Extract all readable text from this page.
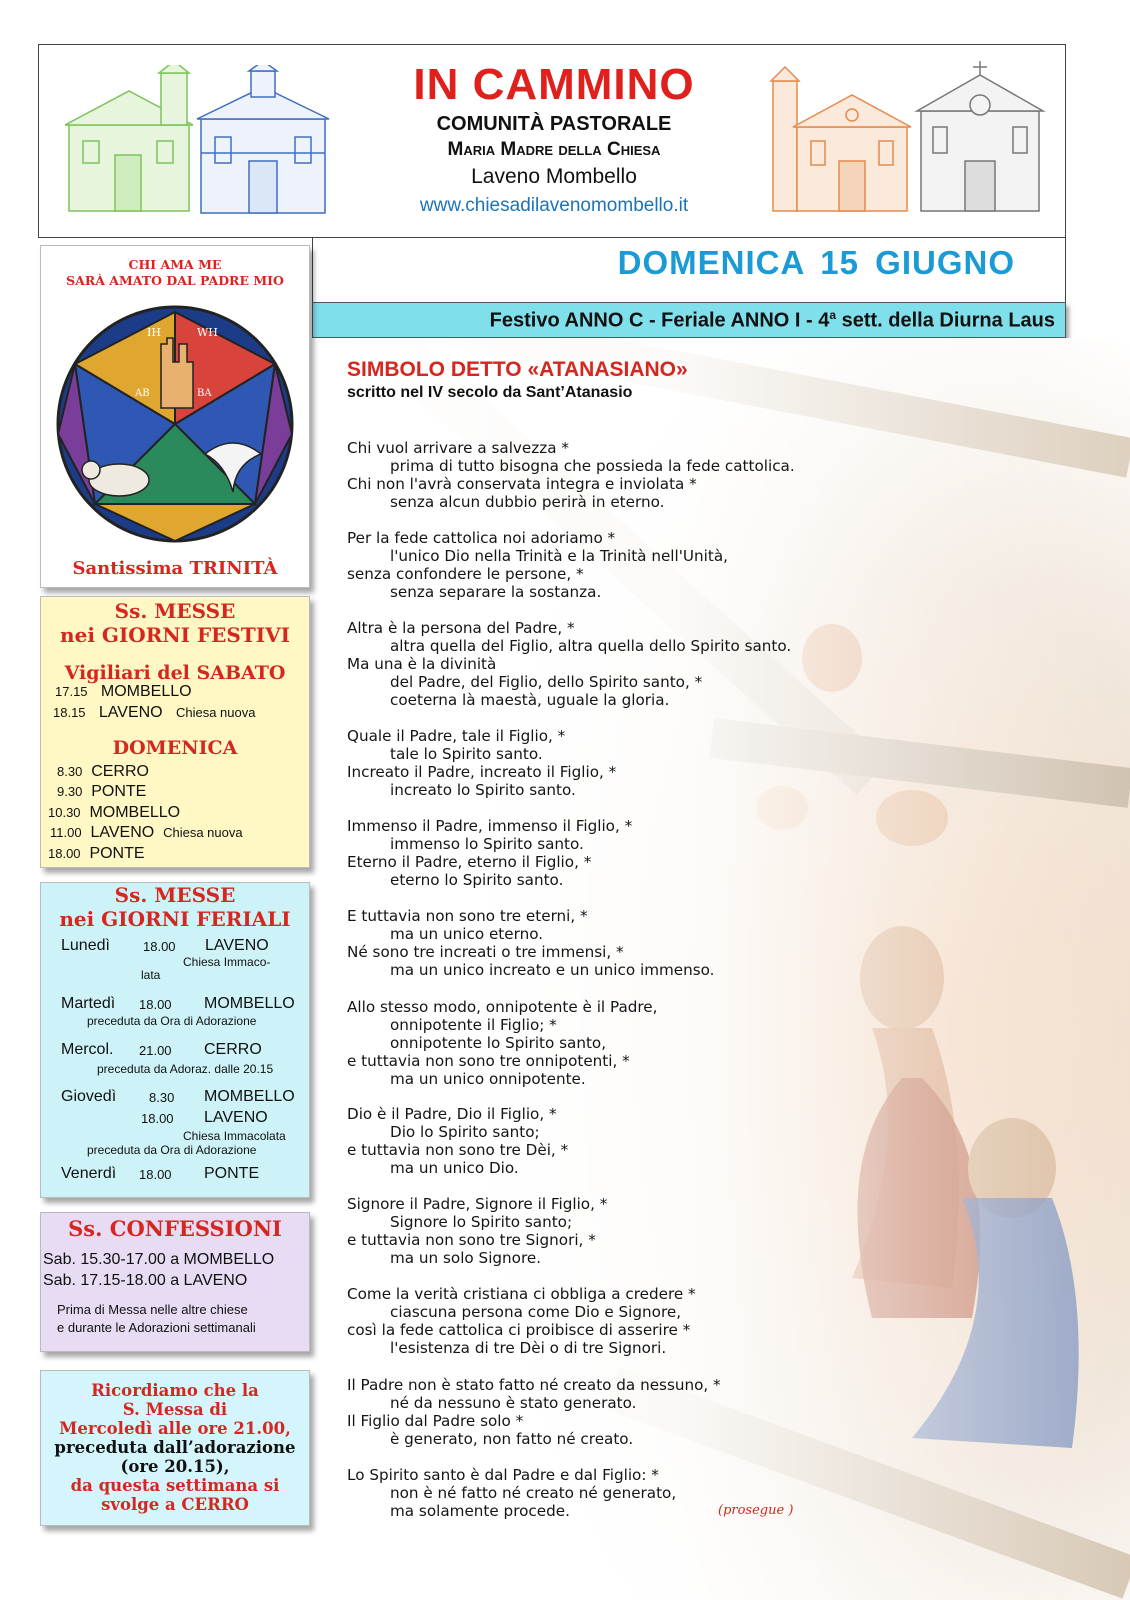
IN CAMMINO
COMUNITÀ PASTORALE
Maria Madre della Chiesa
Laveno Mombello
www.chiesadilavenomombello.it
DOMENICA 15 GIUGNO
Festivo ANNO C - Feriale ANNO I - 4$^a$ sett. della Diurna Laus
CHI AMA ME
SARÀ AMATO DAL PADRE MIO
IH	WH
AB	BA
Santissima TRINITÀ
Ss. MESSE
nei GIORNI FESTIVI
Vigiliari del SABATO
17.15 MOMBELLO
18.15 LAVENO Chiesa nuova
DOMENICA
8.30 CERRO
9.30 PONTE
10.30 MOMBELLO
11.00 LAVENO Chiesa nuova
18.00 PONTE
Ss. MESSE
nei GIORNI FERIALI
Lunedì	18.00 LAVENO
Chiesa Immaco-
lata
Martedì 18.00 MOMBELLO
preceduta da Ora di Adorazione
Mercol. 21.00 CERRO
preceduta da Adoraz. dalle 20.15
Giovedì	8.30 MOMBELLO
18.00 LAVENO
Chiesa Immacolata
preceduta da Ora di Adorazione
Venerdì 18.00 PONTE
Ss. CONFESSIONI
Sab. 15.30-17.00 a MOMBELLO
Sab. 17.15-18.00 a LAVENO
Prima di Messa nelle altre chiese
e durante le Adorazioni settimanali
Ricordiamo che la
S. Messa di
Mercoledì alle ore 21.00,
preceduta dall’adorazione
(ore 20.15),
da questa settimana si
svolge a CERRO
SIMBOLO DETTO «ATANASIANO»
scritto nel IV secolo da Sant’Atanasio
Chi vuol arrivare a salvezza *
prima di tutto bisogna che possieda la fede cattolica.
Chi non l'avrà conservata integra e inviolata *
senza alcun dubbio perirà in eterno.
Per la fede cattolica noi adoriamo *
l'unico Dio nella Trinità e la Trinità nell'Unità,
senza confondere le persone, *
senza separare la sostanza.
Altra è la persona del Padre, *
altra quella del Figlio, altra quella dello Spirito santo.
Ma una è la divinità
del Padre, del Figlio, dello Spirito santo, *
coeterna là maestà, uguale la gloria.
Quale il Padre, tale il Figlio, *
tale lo Spirito santo.
Increato il Padre, increato il Figlio, *
increato lo Spirito santo.
Immenso il Padre, immenso il Figlio, *
immenso lo Spirito santo.
Eterno il Padre, eterno il Figlio, *
eterno lo Spirito santo.
E tuttavia non sono tre eterni, *
ma un unico eterno.
Né sono tre increati o tre immensi, *
ma un unico increato e un unico immenso.
Allo stesso modo, onnipotente è il Padre,
onnipotente il Figlio; *
onnipotente lo Spirito santo,
e tuttavia non sono tre onnipotenti, *
ma un unico onnipotente.
Dio è il Padre, Dio il Figlio, *
Dio lo Spirito santo;
e tuttavia non sono tre Dèi, *
ma un unico Dio.
Signore il Padre, Signore il Figlio, *
Signore lo Spirito santo;
e tuttavia non sono tre Signori, *
ma un solo Signore.
Come la verità cristiana ci obbliga a credere *
ciascuna persona come Dio e Signore,
così la fede cattolica ci proibisce di asserire *
l'esistenza di tre Dèi o di tre Signori.
Il Padre non è stato fatto né creato da nessuno, *
né da nessuno è stato generato.
Il Figlio dal Padre solo *
è generato, non fatto né creato.
Lo Spirito santo è dal Padre e dal Figlio: *
non è né fatto né creato né generato,
ma solamente procede.	(prosegue )
